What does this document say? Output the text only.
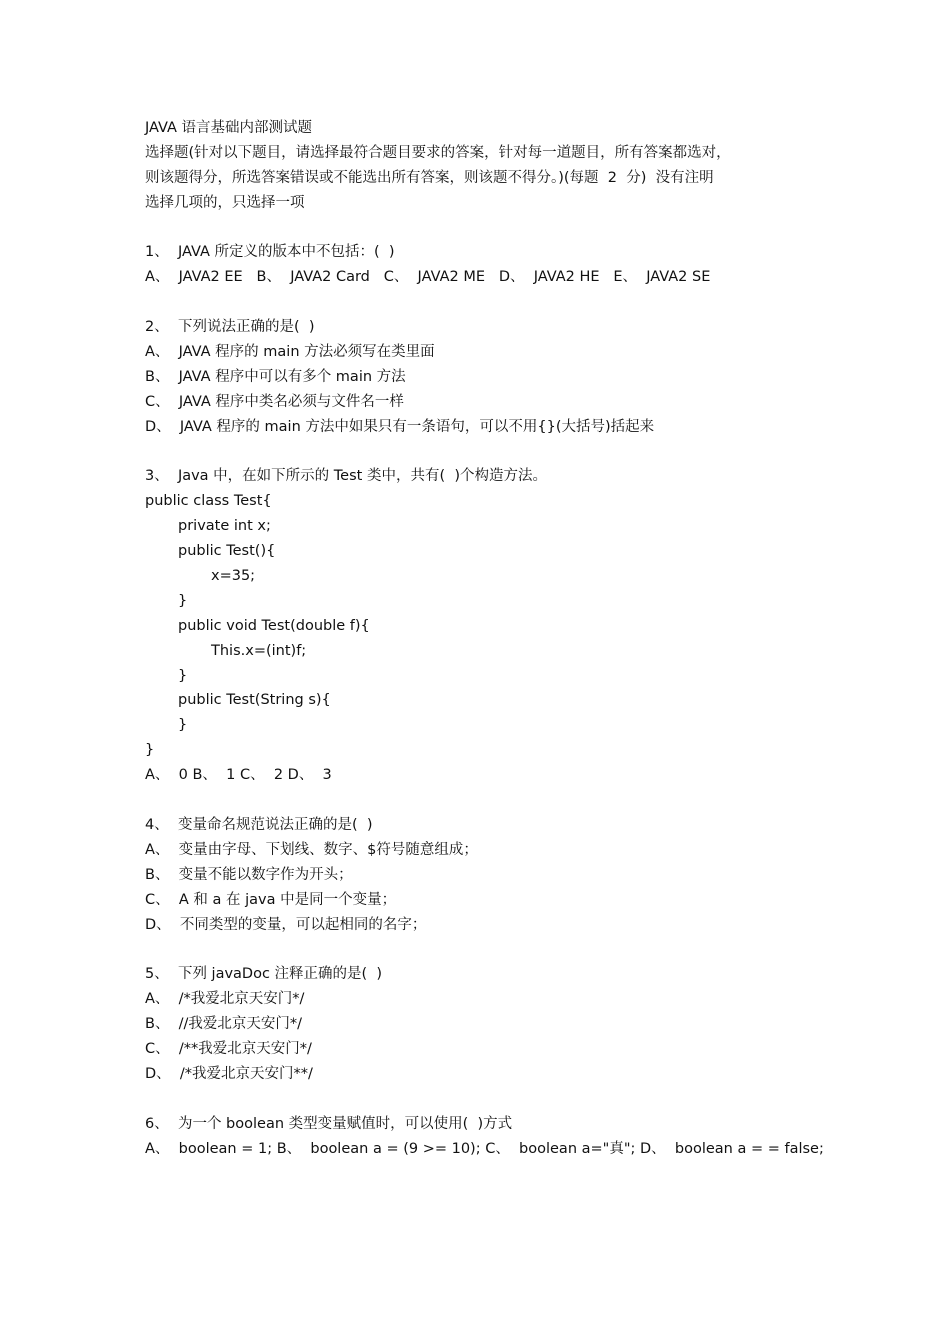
JAVA 语言基础内部测试题
选择题(针对以下题目，请选择最符合题目要求的答案，针对每一道题目，所有答案都选对，
则该题得分，所选答案错误或不能选出所有答案，则该题不得分。)(每题  2  分)  没有注明
选择几项的，只选择一项
1、  JAVA 所定义的版本中不包括：(  )
A、  JAVA2 EE   B、  JAVA2 Card   C、  JAVA2 ME   D、  JAVA2 HE   E、  JAVA2 SE
2、  下列说法正确的是(  )
A、  JAVA 程序的 main 方法必须写在类里面
B、  JAVA 程序中可以有多个 main 方法
C、  JAVA 程序中类名必须与文件名一样
D、  JAVA 程序的 main 方法中如果只有一条语句，可以不用{}(大括号)括起来
3、  Java 中，在如下所示的 Test 类中，共有(  )个构造方法。
public class Test{
private int x;
public Test(){
x=35;
}
public void Test(double f){
This.x=(int)f;
}
public Test(String s){
}
}
A、  0 B、  1 C、  2 D、  3
4、  变量命名规范说法正确的是(  )
A、  变量由字母、下划线、数字、$符号随意组成；
B、  变量不能以数字作为开头；
C、  A 和 a 在 java 中是同一个变量；
D、  不同类型的变量，可以起相同的名字；
5、  下列 javaDoc 注释正确的是(  )
A、  /*我爱北京天安门*/
B、  //我爱北京天安门*/
C、  /**我爱北京天安门*/
D、  /*我爱北京天安门**/
6、  为一个 boolean 类型变量赋值时，可以使用(  )方式
A、  boolean = 1; B、  boolean a = (9 >= 10); C、  boolean a="真"; D、  boolean a = = false;
